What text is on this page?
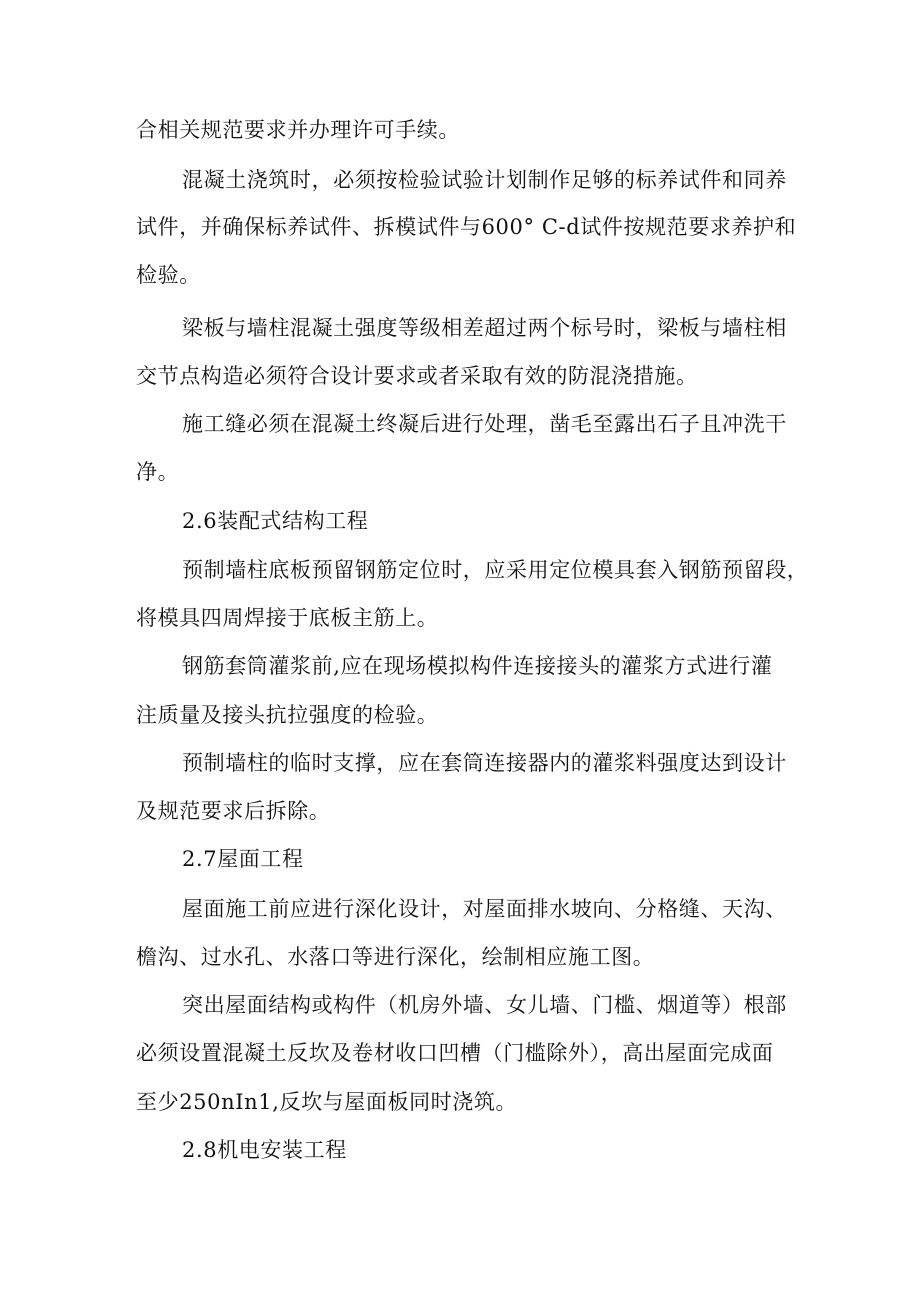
合相关规范要求并办理许可手续。
混凝土浇筑时，必须按检验试验计划制作足够的标养试件和同养
试件，并确保标养试件、拆模试件与600° C-d试件按规范要求养护和
检验。
梁板与墙柱混凝土强度等级相差超过两个标号时，梁板与墙柱相
交节点构造必须符合设计要求或者采取有效的防混浇措施。
施工缝必须在混凝土终凝后进行处理，凿毛至露出石子且冲洗干
净。
2.6装配式结构工程
预制墙柱底板预留钢筋定位时，应采用定位模具套入钢筋预留段，
将模具四周焊接于底板主筋上。
钢筋套筒灌浆前,应在现场模拟构件连接接头的灌浆方式进行灌
注质量及接头抗拉强度的检验。
预制墙柱的临时支撑，应在套筒连接器内的灌浆料强度达到设计
及规范要求后拆除。
2.7屋面工程
屋面施工前应进行深化设计，对屋面排水坡向、分格缝、天沟、
檐沟、过水孔、水落口等进行深化，绘制相应施工图。
突出屋面结构或构件（机房外墙、女儿墙、门槛、烟道等）根部
必须设置混凝土反坎及卷材收口凹槽（门槛除外），高出屋面完成面
至少250nIn1,反坎与屋面板同时浇筑。
2.8机电安装工程
